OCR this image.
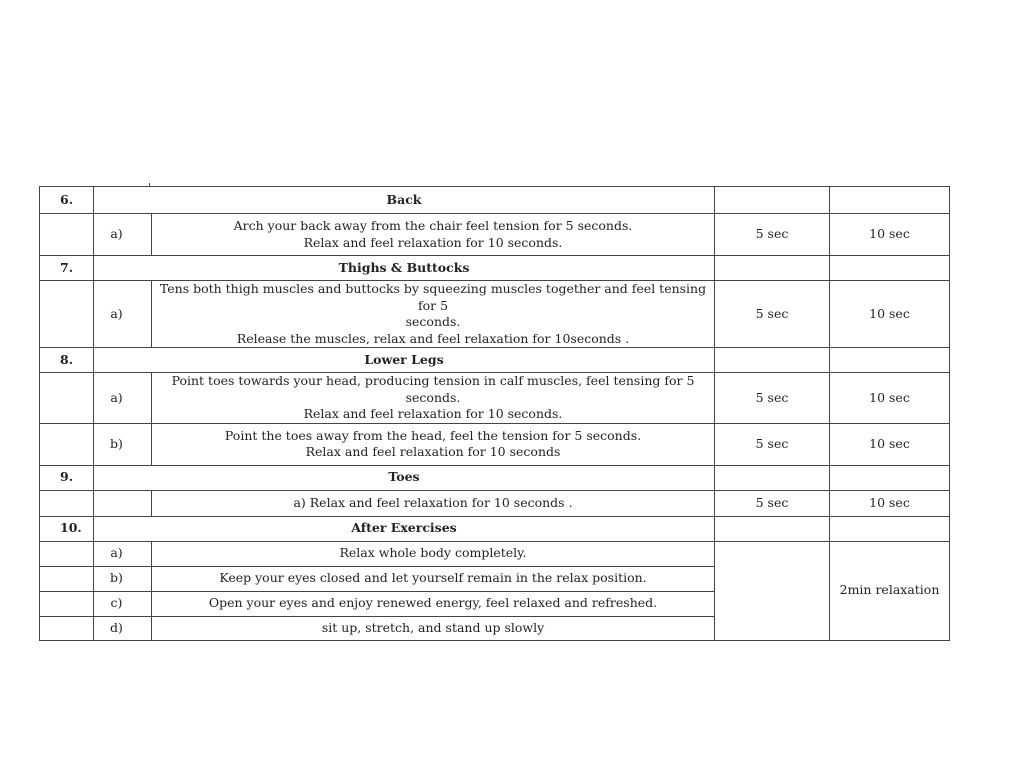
6.	Back			
	a)	Arch your back away from the chair feel tension for 5 seconds.
Relax and feel relaxation for 10 seconds.	5 sec	10 sec
7.	Thighs & Buttocks			
	a)	Tens both thigh muscles and buttocks by squeezing muscles together and feel tensing for 5
seconds.
Release the muscles, relax and feel relaxation for 10seconds .	5 sec	10 sec
8.	Lower Legs			
	a)	Point toes towards your head, producing tension in calf muscles, feel tensing for 5 seconds.
Relax and feel relaxation for 10 seconds.	5 sec	10 sec
	b)	Point the toes away from the head, feel the tension for 5 seconds.
Relax and feel relaxation for 10 seconds	5 sec	10 sec
9.	Toes			
		a) Relax and feel relaxation for 10 seconds .	5 sec	10 sec
10.	After Exercises			
	a)	Relax whole body completely.		2min relaxation
	b)	Keep your eyes closed and let yourself remain in the relax position.		
	c)	Open your eyes and enjoy renewed energy, feel relaxed and refreshed.		
	d)	sit up, stretch, and stand up slowly		
